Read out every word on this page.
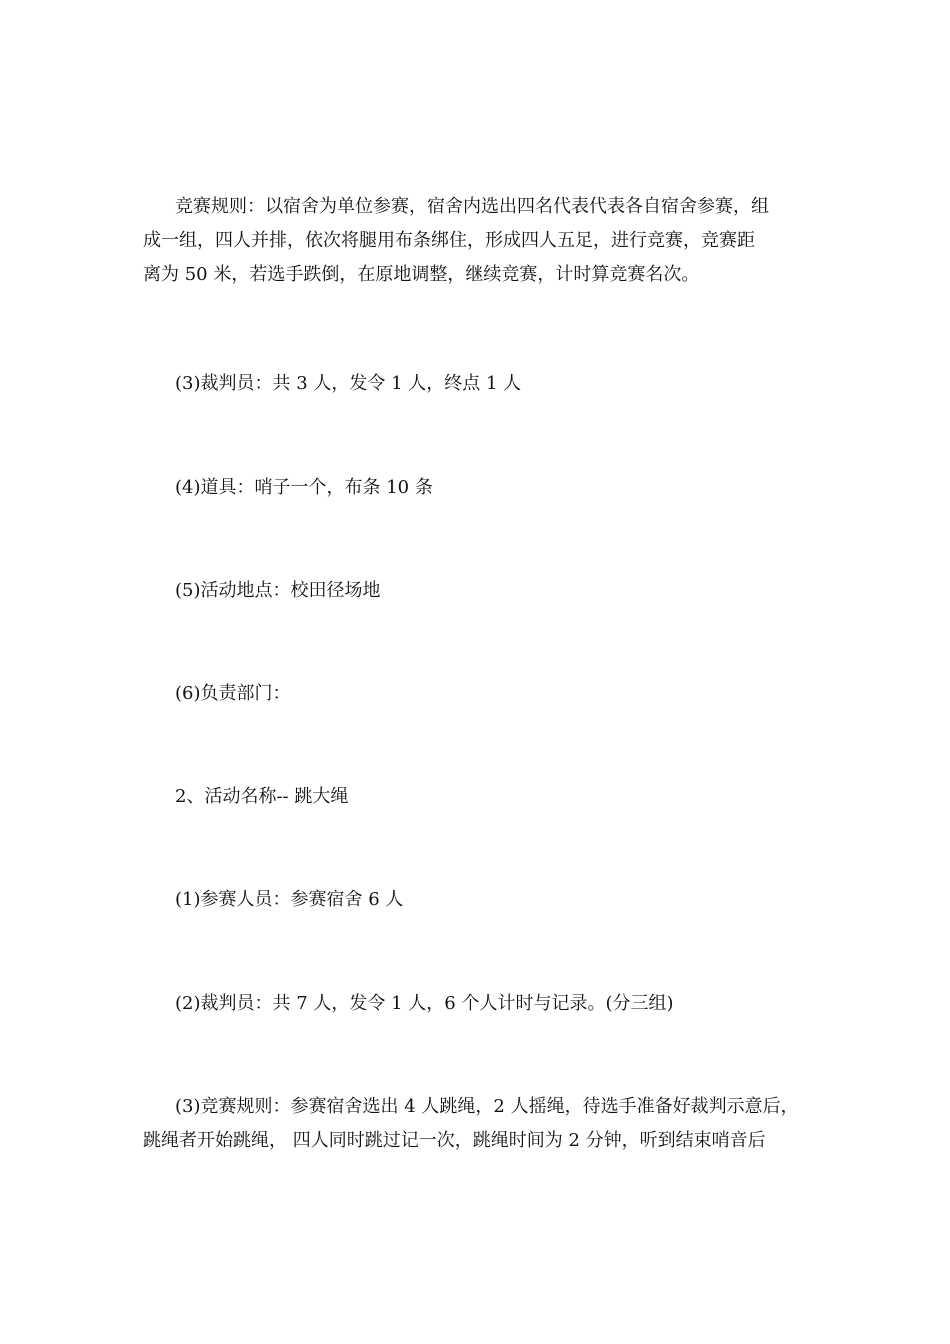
竞赛规则：以宿舍为单位参赛，宿舍内选出四名代表代表各自宿舍参赛，组
成一组，四人并排，依次将腿用布条绑住，形成四人五足，进行竞赛，竞赛距
离为 50 米，若选手跌倒，在原地调整，继续竞赛，计时算竞赛名次。

(3)裁判员：共 3 人，发令 1 人，终点 1 人

(4)道具：哨子一个，布条 10 条

(5)活动地点：校田径场地

(6)负责部门：

2、活动名称-- 跳大绳

(1)参赛人员：参赛宿舍 6 人

(2)裁判员：共 7 人，发令 1 人，6 个人计时与记录。(分三组)

(3)竞赛规则：参赛宿舍选出 4 人跳绳，2 人摇绳，待选手准备好裁判示意后，
跳绳者开始跳绳， 四人同时跳过记一次，跳绳时间为 2 分钟，听到结束哨音后
